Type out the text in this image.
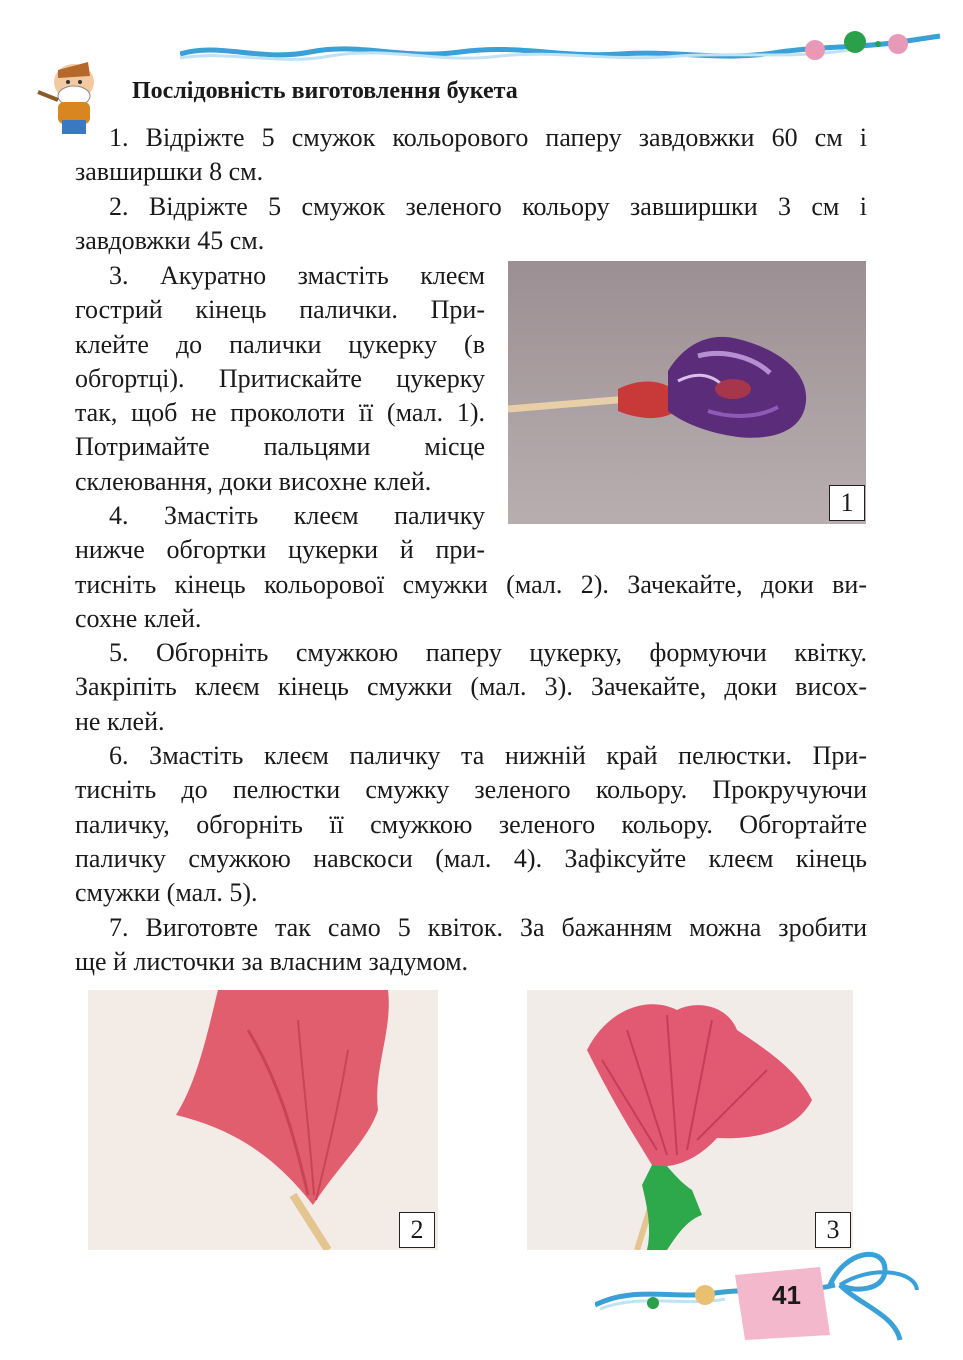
Послідовність виготовлення букета
1. Відріжте 5 смужок кольорового паперу завдовжки 60 см і
завширшки 8 см.
2. Відріжте 5 смужок зеленого кольору завширшки 3 см і
завдовжки 45 см.
3. Акуратно змастіть клеєм
гострий кінець палички. При-
клейте до палички цукерку (в
обгортці). Притискайте цукерку
так, щоб не проколоти її (мал. 1).
Потримайте пальцями місце
склеювання, доки висохне клей.
4. Змастіть клеєм паличку
нижче обгортки цукерки й при-
тисніть кінець кольорової смужки (мал. 2). Зачекайте, доки ви-
сохне клей.
5. Обгорніть смужкою паперу цукерку, формуючи квітку.
Закріпіть клеєм кінець смужки (мал. 3). Зачекайте, доки висох-
не клей.
6. Змастіть клеєм паличку та нижній край пелюстки. При-
тисніть до пелюстки смужку зеленого кольору. Прокручуючи
паличку, обгорніть її смужкою зеленого кольору. Обгортайте
паличку смужкою навскоси (мал. 4). Зафіксуйте клеєм кінець
смужки (мал. 5).
7. Виготовте так само 5 квіток. За бажанням можна зробити
ще й листочки за власним задумом.
1
2	3
41
